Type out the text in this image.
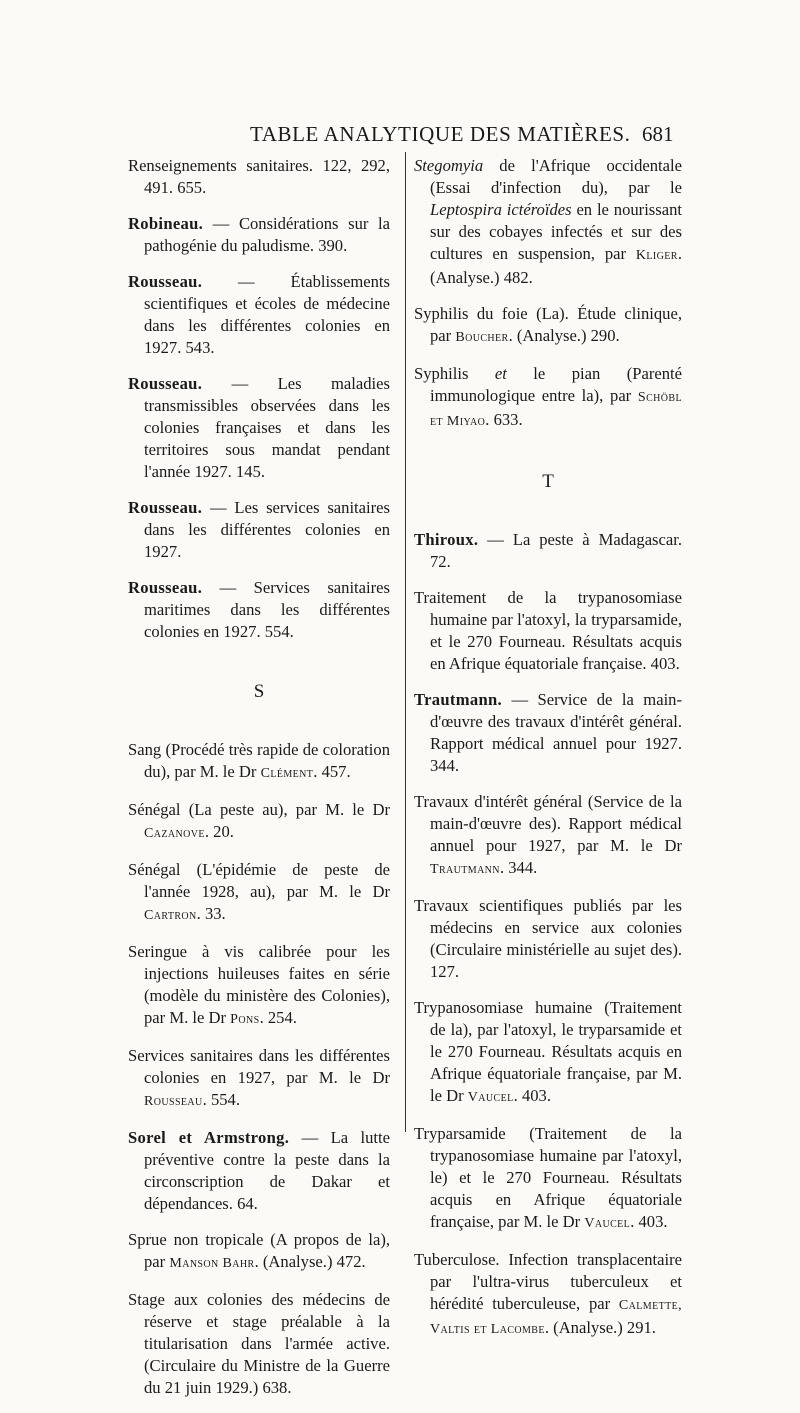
TABLE ANALYTIQUE DES MATIÈRES. 681

Renseignements sanitaires. 122, 292, 491. 655.

Robineau. — Considérations sur la pathogénie du paludisme. 390.

Rousseau. — Établissements scientifiques et écoles de médecine dans les différentes colonies en 1927. 543.

Rousseau. — Les maladies transmissibles observées dans les colonies françaises et dans les territoires sous mandat pendant l'année 1927. 145.

Rousseau. — Les services sanitaires dans les différentes colonies en 1927.

Rousseau. — Services sanitaires maritimes dans les différentes colonies en 1927. 554.

S

Sang (Procédé très rapide de coloration du), par M. le Dr Clément. 457.

Sénégal (La peste au), par M. le Dr Cazanove. 20.

Sénégal (L'épidémie de peste de l'année 1928, au), par M. le Dr Cartron. 33.

Seringue à vis calibrée pour les injections huileuses faites en série (modèle du ministère des Colonies), par M. le Dr Pons. 254.

Services sanitaires dans les différentes colonies en 1927, par M. le Dr Rousseau. 554.

Sorel et Armstrong. — La lutte préventive contre la peste dans la circonscription de Dakar et dépendances. 64.

Sprue non tropicale (A propos de la), par Manson Bahr. (Analyse.) 472.

Stage aux colonies des médecins de réserve et stage préalable à la titularisation dans l'armée active. (Circulaire du Ministre de la Guerre du 21 juin 1929.) 638.

Stegomyia de l'Afrique occidentale (Essai d'infection du), par le Leptospira ictéroïdes en le nourissant sur des cobayes infectés et sur des cultures en suspension, par Kliger. (Analyse.) 482.

Syphilis du foie (La). Étude clinique, par Boucher. (Analyse.) 290.

Syphilis et le pian (Parenté immunologique entre la), par Schöbl et Miyao. 633.

T

Thiroux. — La peste à Madagascar. 72.

Traitement de la trypanosomiase humaine par l'atoxyl, la tryparsamide, et le 270 Fourneau. Résultats acquis en Afrique équatoriale française. 403.

Trautmann. — Service de la main-d'œuvre des travaux d'intérêt général. Rapport médical annuel pour 1927. 344.

Travaux d'intérêt général (Service de la main-d'œuvre des). Rapport médical annuel pour 1927, par M. le Dr Trautmann. 344.

Travaux scientifiques publiés par les médecins en service aux colonies (Circulaire ministérielle au sujet des). 127.

Trypanosomiase humaine (Traitement de la), par l'atoxyl, le tryparsamide et le 270 Fourneau. Résultats acquis en Afrique équatoriale française, par M. le Dr Vaucel. 403.

Tryparsamide (Traitement de la trypanosomiase humaine par l'atoxyl, le) et le 270 Fourneau. Résultats acquis en Afrique équatoriale française, par M. le Dr Vaucel. 403.

Tuberculose. Infection transplacentaire par l'ultra-virus tuberculeux et hérédité tuberculeuse, par Calmette, Valtis et Lacombe. (Analyse.) 291.
